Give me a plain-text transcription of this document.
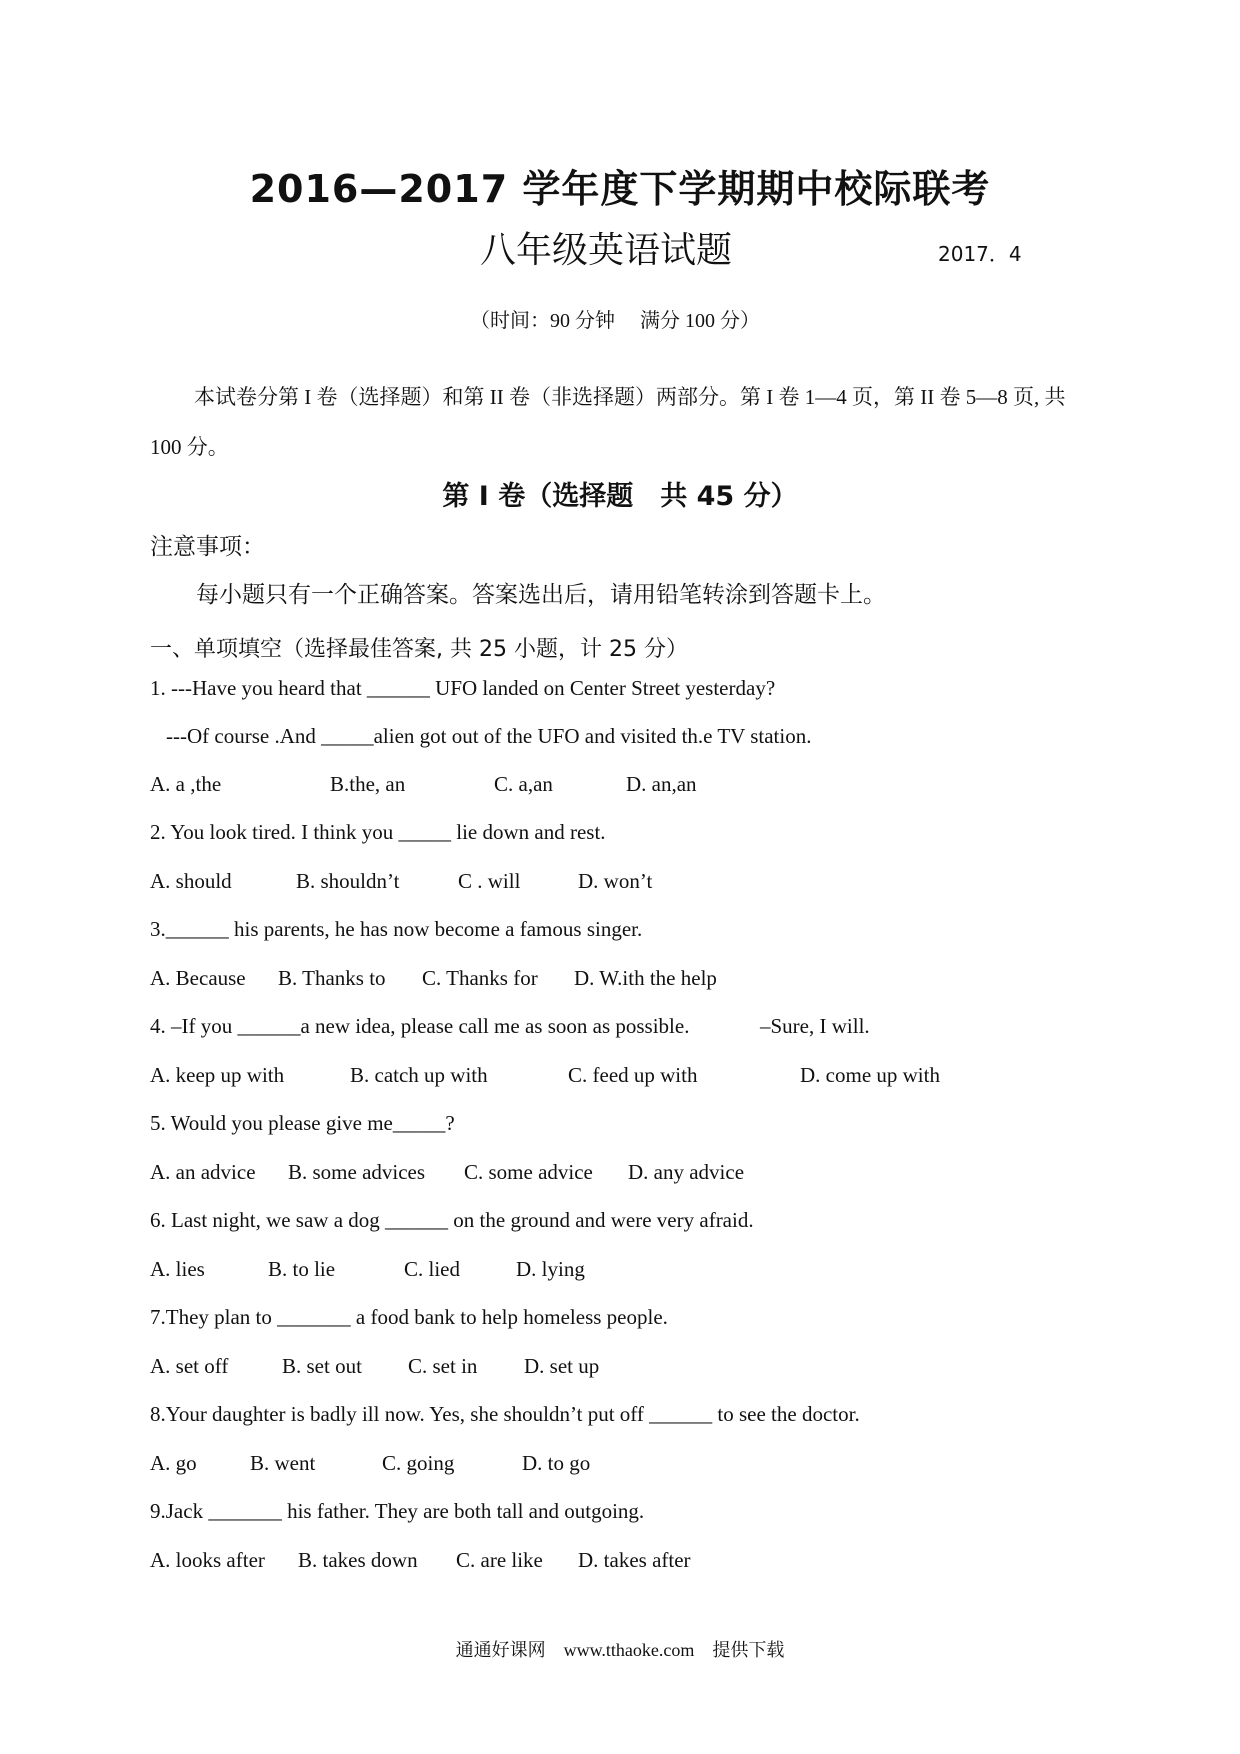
2016—2017 学年度下学期期中校际联考
八年级英语试题	2017．4
（时间：90 分钟　 满分 100 分）
本试卷分第 I 卷（选择题）和第 II 卷（非选择题）两部分。第 I 卷 1—4 页，第 II 卷 5—8 页, 共 100 分。
第 I 卷（选择题　共 45 分）
注意事项：
每小题只有一个正确答案。答案选出后，请用铅笔转涂到答题卡上。
一、单项填空（选择最佳答案, 共 25 小题，计 25 分）
1. ---Have you heard that ______ UFO landed on Center Street yesterday?
---Of course .And _____alien got out of the UFO and visited th.e TV station.
A. a ,the	B.the, an	C. a,an	D. an,an
2. You look tired. I think you _____ lie down and rest.
A. should	B. shouldn’t	C . will	D. won’t
3.______ his parents, he has now become a famous singer.
A. Because B. Thanks to C. Thanks for D. W.ith the help
4. –If you ______a new idea, please call me as soon as possible.	–Sure, I will.
A. keep up with	B. catch up with	C. feed up with	D. come up with
5. Would you please give me_____?
A. an advice B. some advices C. some advice D. any advice
6. Last night, we saw a dog ______ on the ground and were very afraid.
A. lies	B. to lie	C. lied	D. lying
7.They plan to _______ a food bank to help homeless people.
A. set off	B. set out C. set in D. set up
8.Your daughter is badly ill now. Yes, she shouldn’t put off ______ to see the doctor.
A. go	B. went	C. going	D. to go
9.Jack _______ his father. They are both tall and outgoing.
A. looks after B. takes down C. are like D. takes after
通通好课网　www.tthaoke.com　提供下载
